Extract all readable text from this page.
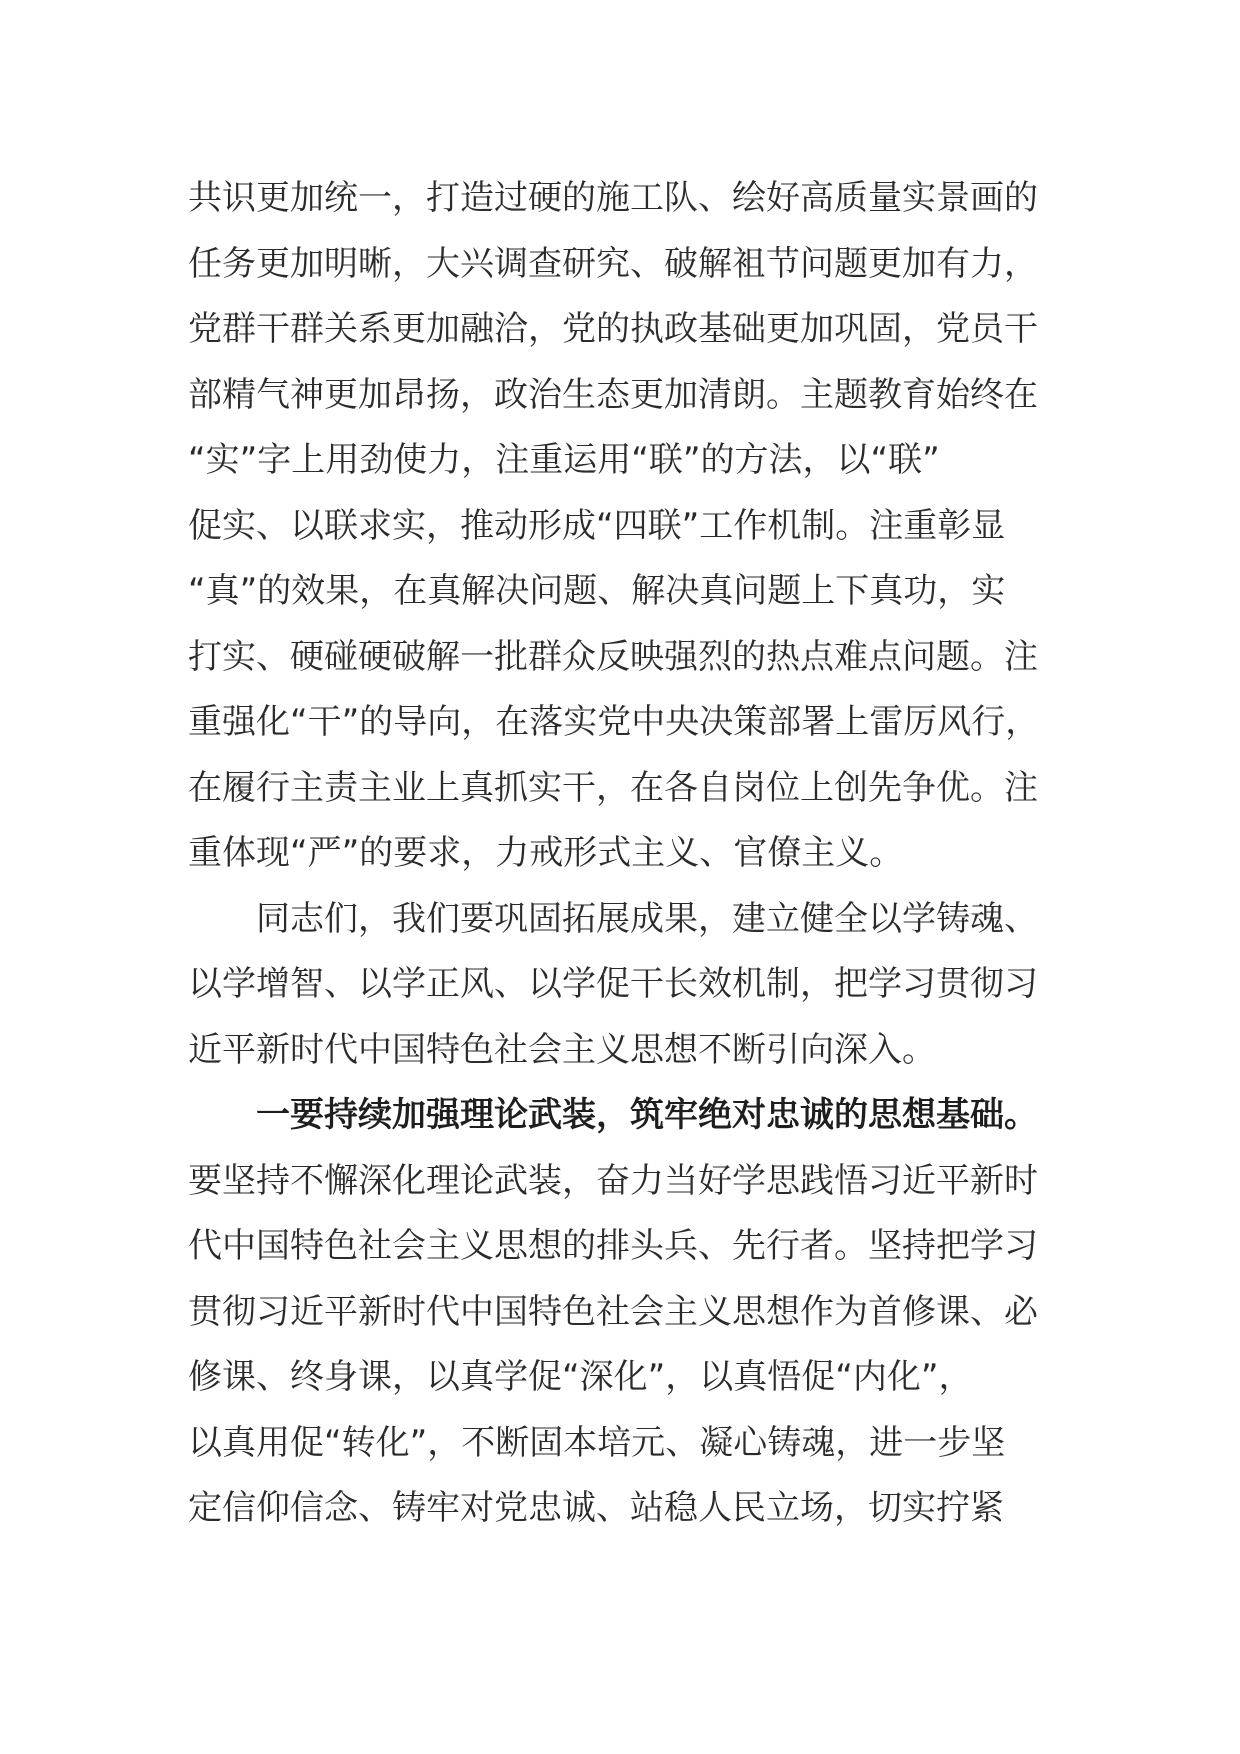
共识更加统一，打造过硬的施工队、绘好高质量实景画的
任务更加明晰，大兴调查研究、破解袓节问题更加有力，
党群干群关系更加融洽，党的执政基础更加巩固，党员干
部精气神更加昂扬，政治生态更加清朗。主题教育始终在
“实”字上用劲使力，注重运用“联”的方法，以“联”
促实、以联求实，推动形成“四联”工作机制。注重彰显
“真”的效果，在真解决问题、解决真问题上下真功，实
打实、硬碰硬破解一批群众反映强烈的热点难点问题。注
重强化“干”的导向，在落实党中央决策部署上雷厉风行，
在履行主责主业上真抓实干，在各自岗位上创先争优。注
重体现“严”的要求，力戒形式主义、官僚主义。
同志们，我们要巩固拓展成果，建立健全以学铸魂、
以学增智、以学正风、以学促干长效机制，把学习贯彻习
近平新时代中国特色社会主义思想不断引向深入。
一要持续加强理论武装，筑牢绝对忠诚的思想基础。
要坚持不懈深化理论武装，奋力当好学思践悟习近平新时
代中国特色社会主义思想的排头兵、先行者。坚持把学习
贯彻习近平新时代中国特色社会主义思想作为首修课、必
修课、终身课，以真学促“深化”，以真悟促“内化”，
以真用促“转化”，不断固本培元、凝心铸魂，进一步坚
定信仰信念、铸牢对党忠诚、站稳人民立场，切实拧紧
